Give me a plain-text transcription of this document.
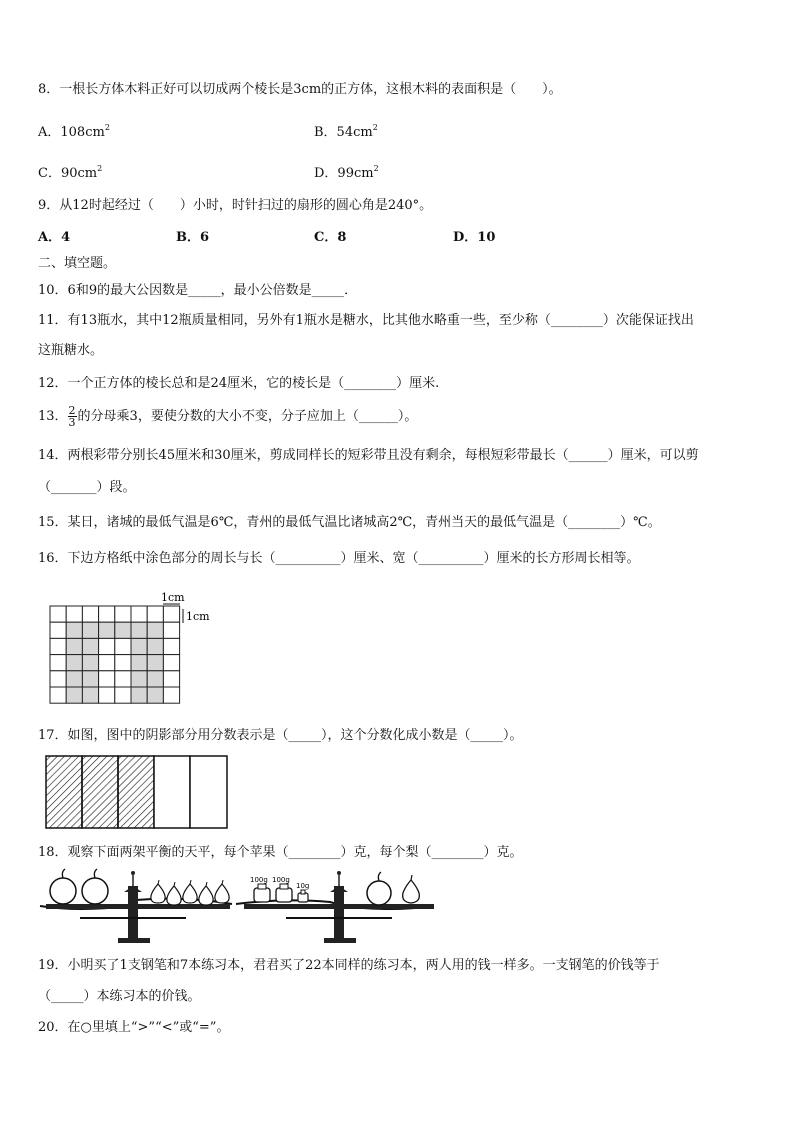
8．一根长方体木料正好可以切成两个棱长是3cm的正方体，这根木料的表面积是（　　）。
A．$108cm^2$	B．$54cm^2$
C．$90cm^2$	D．$99cm^2$
9．从12时起经过（　　）小时，时针扫过的扇形的圆心角是240°。
A．4	B．6	C．8	D．10
二、填空题。
10．6和9的最大公因数是_____，最小公倍数是_____．
11．有13瓶水，其中12瓶质量相同，另外有1瓶水是糖水，比其他水略重一些，至少称（________）次能保证找出
这瓶糖水。
12．一个正方体的棱长总和是24厘米，它的棱长是（________）厘米.
13． $\frac{2}{3}$ 的分母乘3，要使分数的大小不变，分子应加上（______）。
14．两根彩带分别长45厘米和30厘米，剪成同样长的短彩带且没有剩余，每根短彩带最长（______）厘米，可以剪
（_______）段。
15．某日，诸城的最低气温是6℃，青州的最低气温比诸城高2℃，青州当天的最低气温是（________）℃。
16．下边方格纸中涂色部分的周长与长（__________）厘米、宽（__________）厘米的长方形周长相等。
1cm
1cm
17．如图，图中的阴影部分用分数表示是（_____），这个分数化成小数是（_____）。
18．观察下面两架平衡的天平，每个苹果（________）克，每个梨（________）克。
100g 100g
10g
19．小明买了1支钢笔和7本练习本，君君买了22本同样的练习本，两人用的钱一样多。一支钢笔的价钱等于
（_____）本练习本的价钱。
20．在○里填上“>”“<”或“=”。
